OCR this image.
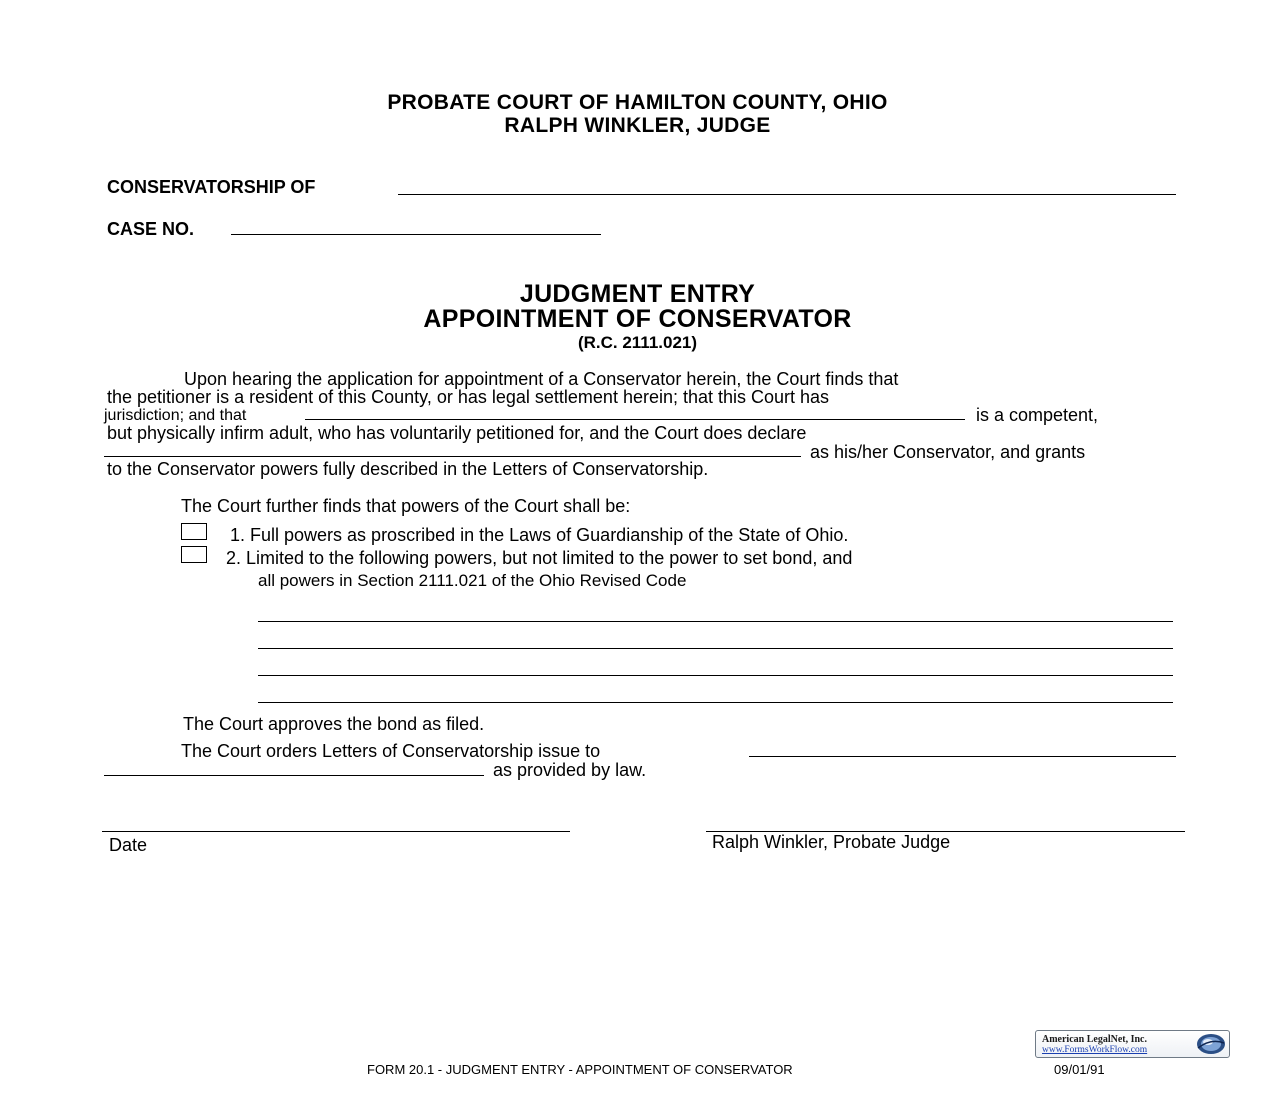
PROBATE COURT OF HAMILTON COUNTY, OHIO
RALPH WINKLER, JUDGE
CONSERVATORSHIP OF
CASE NO.
JUDGMENT ENTRY
APPOINTMENT OF CONSERVATOR
(R.C. 2111.021)
Upon hearing the application for appointment of a Conservator herein, the Court finds that
the petitioner is a resident of this County, or has legal settlement herein; that this Court has
jurisdiction; and that	is a competent,
but physically infirm adult, who has voluntarily petitioned for, and the Court does declare
as his/her Conservator, and grants
to the Conservator powers fully described in the Letters of Conservatorship.
The Court further finds that powers of the Court shall be:
1. Full powers as proscribed in the Laws of Guardianship of the State of Ohio.
2. Limited to the following powers, but not limited to the power to set bond, and
all powers in Section 2111.021 of the Ohio Revised Code
The Court approves the bond as filed.
The Court orders Letters of Conservatorship issue to
as provided by law.
Date	Ralph Winkler, Probate Judge
American LegalNet, Inc.
www.FormsWorkFlow.com
FORM 20.1 - JUDGMENT ENTRY - APPOINTMENT OF CONSERVATOR	09/01/91
